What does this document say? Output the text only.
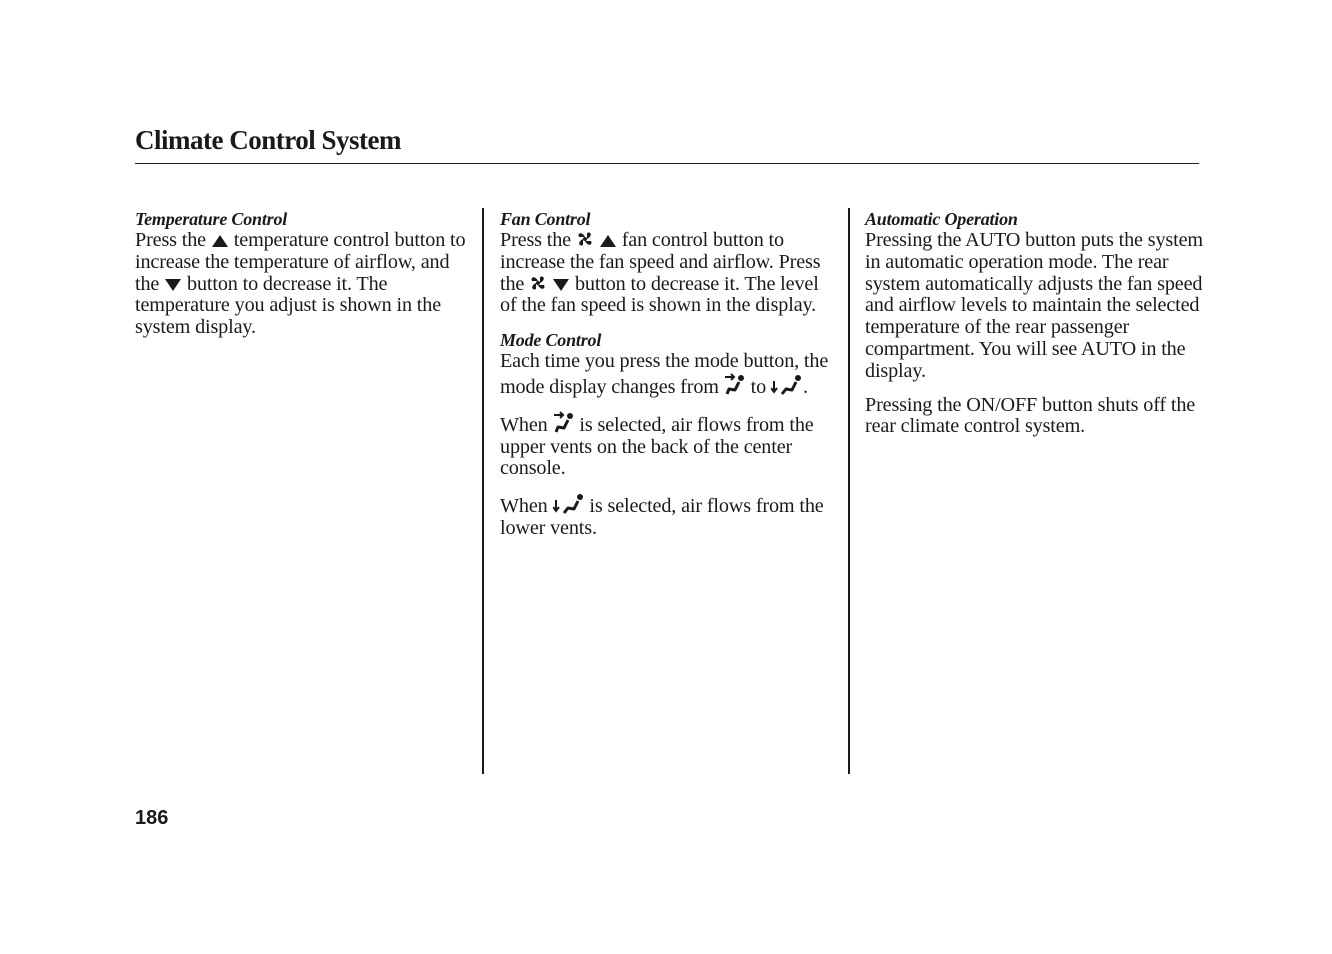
Climate Control System
Temperature Control

Press the temperature control button to increase the temperature of airflow, and the button to decrease it. The temperature you adjust is shown in the system display.

Fan Control

Press the	fan control button to increase the fan speed and airflow. Press the	button to decrease it. The level of the fan speed is shown in the display.

Mode Control

Each time you press the mode button, the mode display changes from to .

When is selected, air flows from the upper vents on the back of the center console.

When is selected, air flows from the lower vents.

Automatic Operation

Pressing the AUTO button puts the system in automatic operation mode. The rear system automatically adjusts the fan speed and airflow levels to maintain the selected temperature of the rear passenger compartment. You will see AUTO in the display.

Pressing the ON/OFF button shuts off the rear climate control system.

186
